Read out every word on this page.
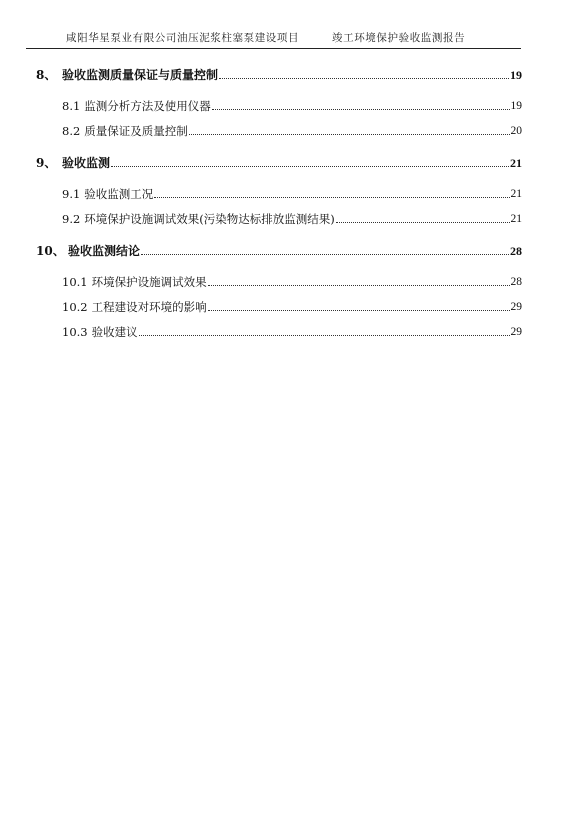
咸阳华星泵业有限公司油压泥浆柱塞泵建设项目	竣工环境保护验收监测报告
8、 验收监测质量保证与质量控制	19
8.1 监测分析方法及使用仪器	19
8.2 质量保证及质量控制	20
9、 验收监测	21
9.1 验收监测工况	21
9.2 环境保护设施调试效果(污染物达标排放监测结果)	21
10、 验收监测结论	28
10.1 环境保护设施调试效果	28
10.2 工程建设对环境的影响	29
10.3 验收建议	29
